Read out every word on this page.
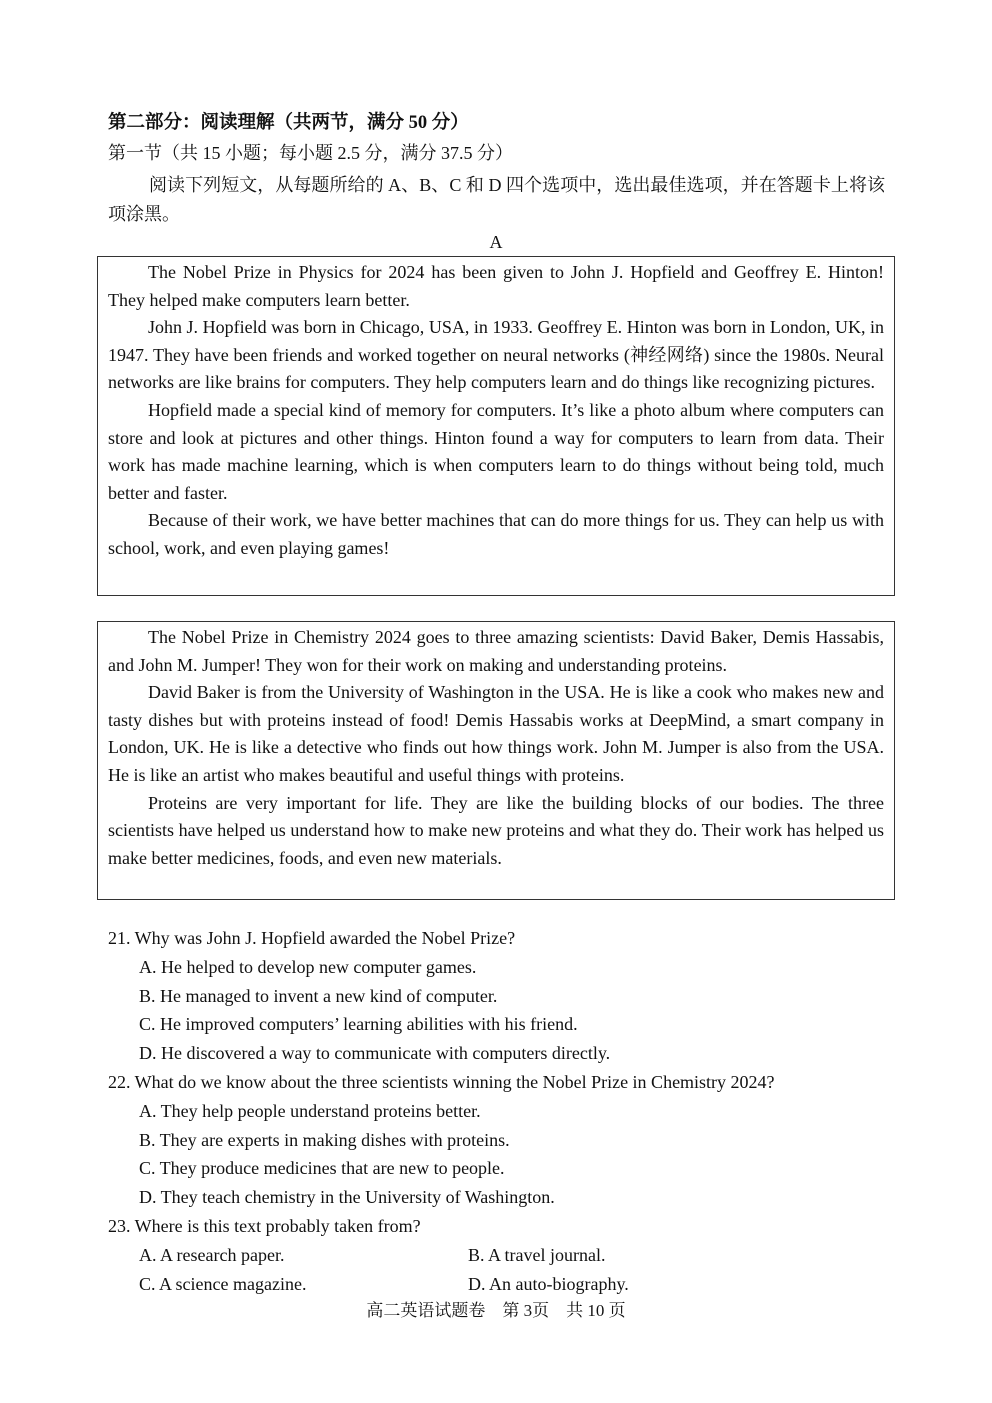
第二部分：阅读理解（共两节，满分 50 分）
第一节（共 15 小题；每小题 2.5 分，满分 37.5 分）
阅读下列短文，从每题所给的 A、B、C 和 D 四个选项中，选出最佳选项，并在答题卡上将该项涂黑。
A

The Nobel Prize in Physics for 2024 has been given to John J. Hopfield and Geoffrey E. Hinton! They helped make computers learn better.

John J. Hopfield was born in Chicago, USA, in 1933. Geoffrey E. Hinton was born in London, UK, in 1947. They have been friends and worked together on neural networks (神经网络) since the 1980s. Neural networks are like brains for computers. They help computers learn and do things like recognizing pictures.

Hopfield made a special kind of memory for computers. It’s like a photo album where computers can store and look at pictures and other things. Hinton found a way for computers to learn from data. Their work has made machine learning, which is when computers learn to do things without being told, much better and faster.

Because of their work, we have better machines that can do more things for us. They can help us with school, work, and even playing games!

The Nobel Prize in Chemistry 2024 goes to three amazing scientists: David Baker, Demis Hassabis, and John M. Jumper! They won for their work on making and understanding proteins.

David Baker is from the University of Washington in the USA. He is like a cook who makes new and tasty dishes but with proteins instead of food! Demis Hassabis works at DeepMind, a smart company in London, UK. He is like a detective who finds out how things work. John M. Jumper is also from the USA. He is like an artist who makes beautiful and useful things with proteins.

Proteins are very important for life. They are like the building blocks of our bodies. The three scientists have helped us understand how to make new proteins and what they do. Their work has helped us make better medicines, foods, and even new materials.

21. Why was John J. Hopfield awarded the Nobel Prize?
A. He helped to develop new computer games.
B. He managed to invent a new kind of computer.
C. He improved computers’ learning abilities with his friend.
D. He discovered a way to communicate with computers directly.
22. What do we know about the three scientists winning the Nobel Prize in Chemistry 2024?
A. They help people understand proteins better.
B. They are experts in making dishes with proteins.
C. They produce medicines that are new to people.
D. They teach chemistry in the University of Washington.
23. Where is this text probably taken from?
A. A research paper.	B. A travel journal.
C. A science magazine.	D. An auto-biography.
高二英语试题卷　第 3页　共 10 页
